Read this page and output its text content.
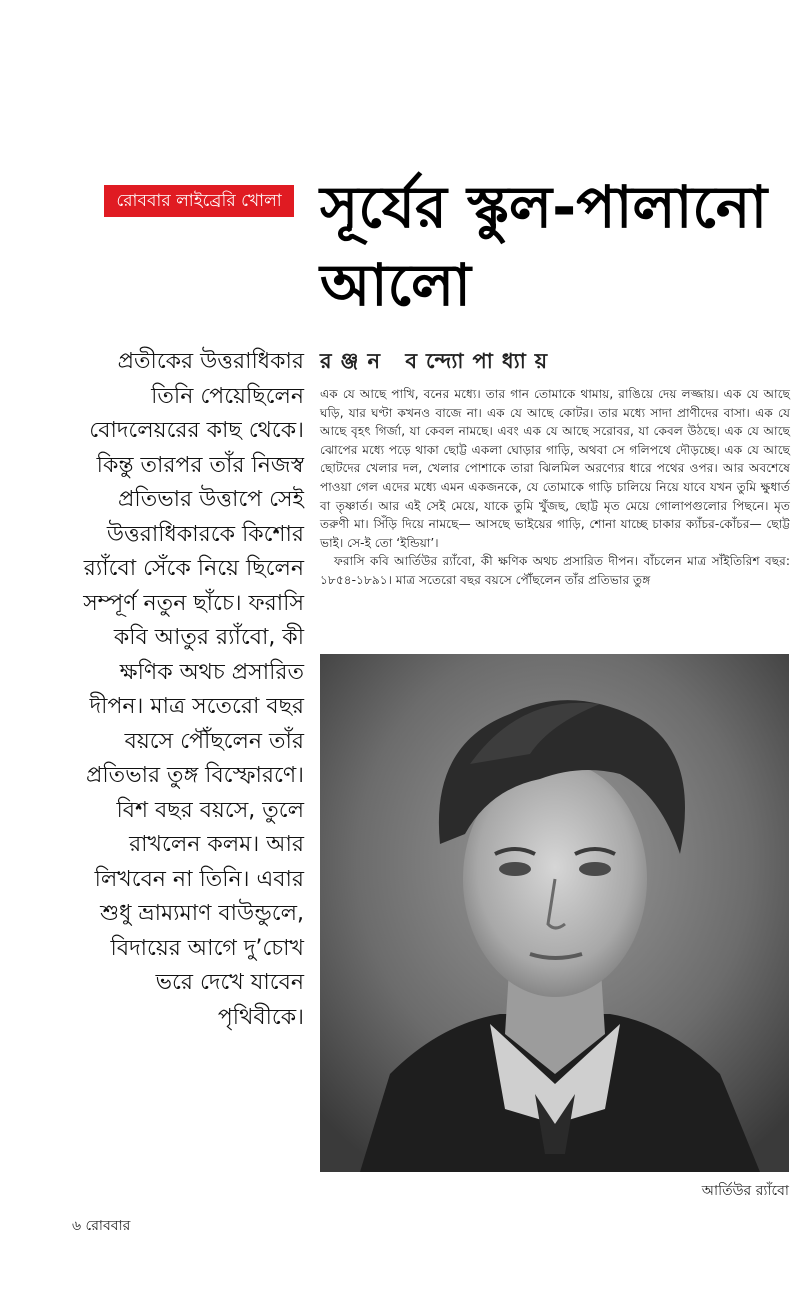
রোববার লাইব্রেরি খোলা সূর্যের স্কুল-পালানো আলো
রঞ্জন বন্দ্যোপাধ্যায়

প্রতীকের উত্তরাধিকার তিনি পেয়েছিলেন বোদলেয়রের কাছ থেকে। কিন্তু তারপর তাঁর নিজস্ব প্রতিভার উত্তাপে সেই উত্তরাধিকারকে কিশোর র‌্যাঁবো সেঁকে নিয়ে ছিলেন সম্পূর্ণ নতুন ছাঁচে। ফরাসি কবি আতুর র‌্যাঁবো, কী ক্ষণিক অথচ প্রসারিত দীপন। মাত্র সতেরো বছর বয়সে পৌঁছলেন তাঁর প্রতিভার তুঙ্গ বিস্ফোরণে। বিশ বছর বয়সে, তুলে রাখলেন কলম। আর লিখবেন না তিনি। এবার শুধু ভ্রাম্যমাণ বাউন্ডুলে, বিদায়ের আগে দু’চোখ ভরে দেখে যাবেন পৃথিবীকে।

এক যে আছে পাখি, বনের মধ্যে। তার গান তোমাকে থামায়, রাঙিয়ে দেয় লজ্জায়। এক যে আছে ঘড়ি, যার ঘণ্টা কখনও বাজে না। এক যে আছে কোটর। তার মধ্যে সাদা প্রাণীদের বাসা। এক যে আছে বৃহৎ গির্জা, যা কেবল নামছে। এবং এক যে আছে সরোবর, যা কেবল উঠছে। এক যে আছে ঝোপের মধ্যে পড়ে থাকা ছোট্ট একলা ঘোড়ার গাড়ি, অথবা সে গলিপথে দৌড়চ্ছে। এক যে আছে ছোটদের খেলার দল, খেলার পোশাকে তারা ঝিলমিল অরণ্যের ধারে পথের ওপর। আর অবশেষে পাওয়া গেল এদের মধ্যে এমন একজনকে, যে তোমাকে গাড়ি চালিয়ে নিয়ে যাবে যখন তুমি ক্ষুধার্ত বা তৃষ্ণার্ত। আর এই সেই মেয়ে, যাকে তুমি খুঁজছ, ছোট্ট মৃত মেয়ে গোলাপগুলোর পিছনে। মৃত তরুণী মা। সিঁড়ি দিয়ে নামছে— আসছে ভাইয়ের গাড়ি, শোনা যাচ্ছে চাকার ক্যাঁচর-কোঁচর— ছোট্ট ভাই। সে-ই তো ‘ইন্ডিয়া’।

ফরাসি কবি আর্তিউর র‌্যাঁবো, কী ক্ষণিক অথচ প্রসারিত দীপন। বাঁচলেন মাত্র সাঁইতিরিশ বছর: ১৮৫৪-১৮৯১। মাত্র সতেরো বছর বয়সে পৌঁছলেন তাঁর প্রতিভার তুঙ্গ

আর্তিউর র‌্যাঁবো
৬ রোববার
